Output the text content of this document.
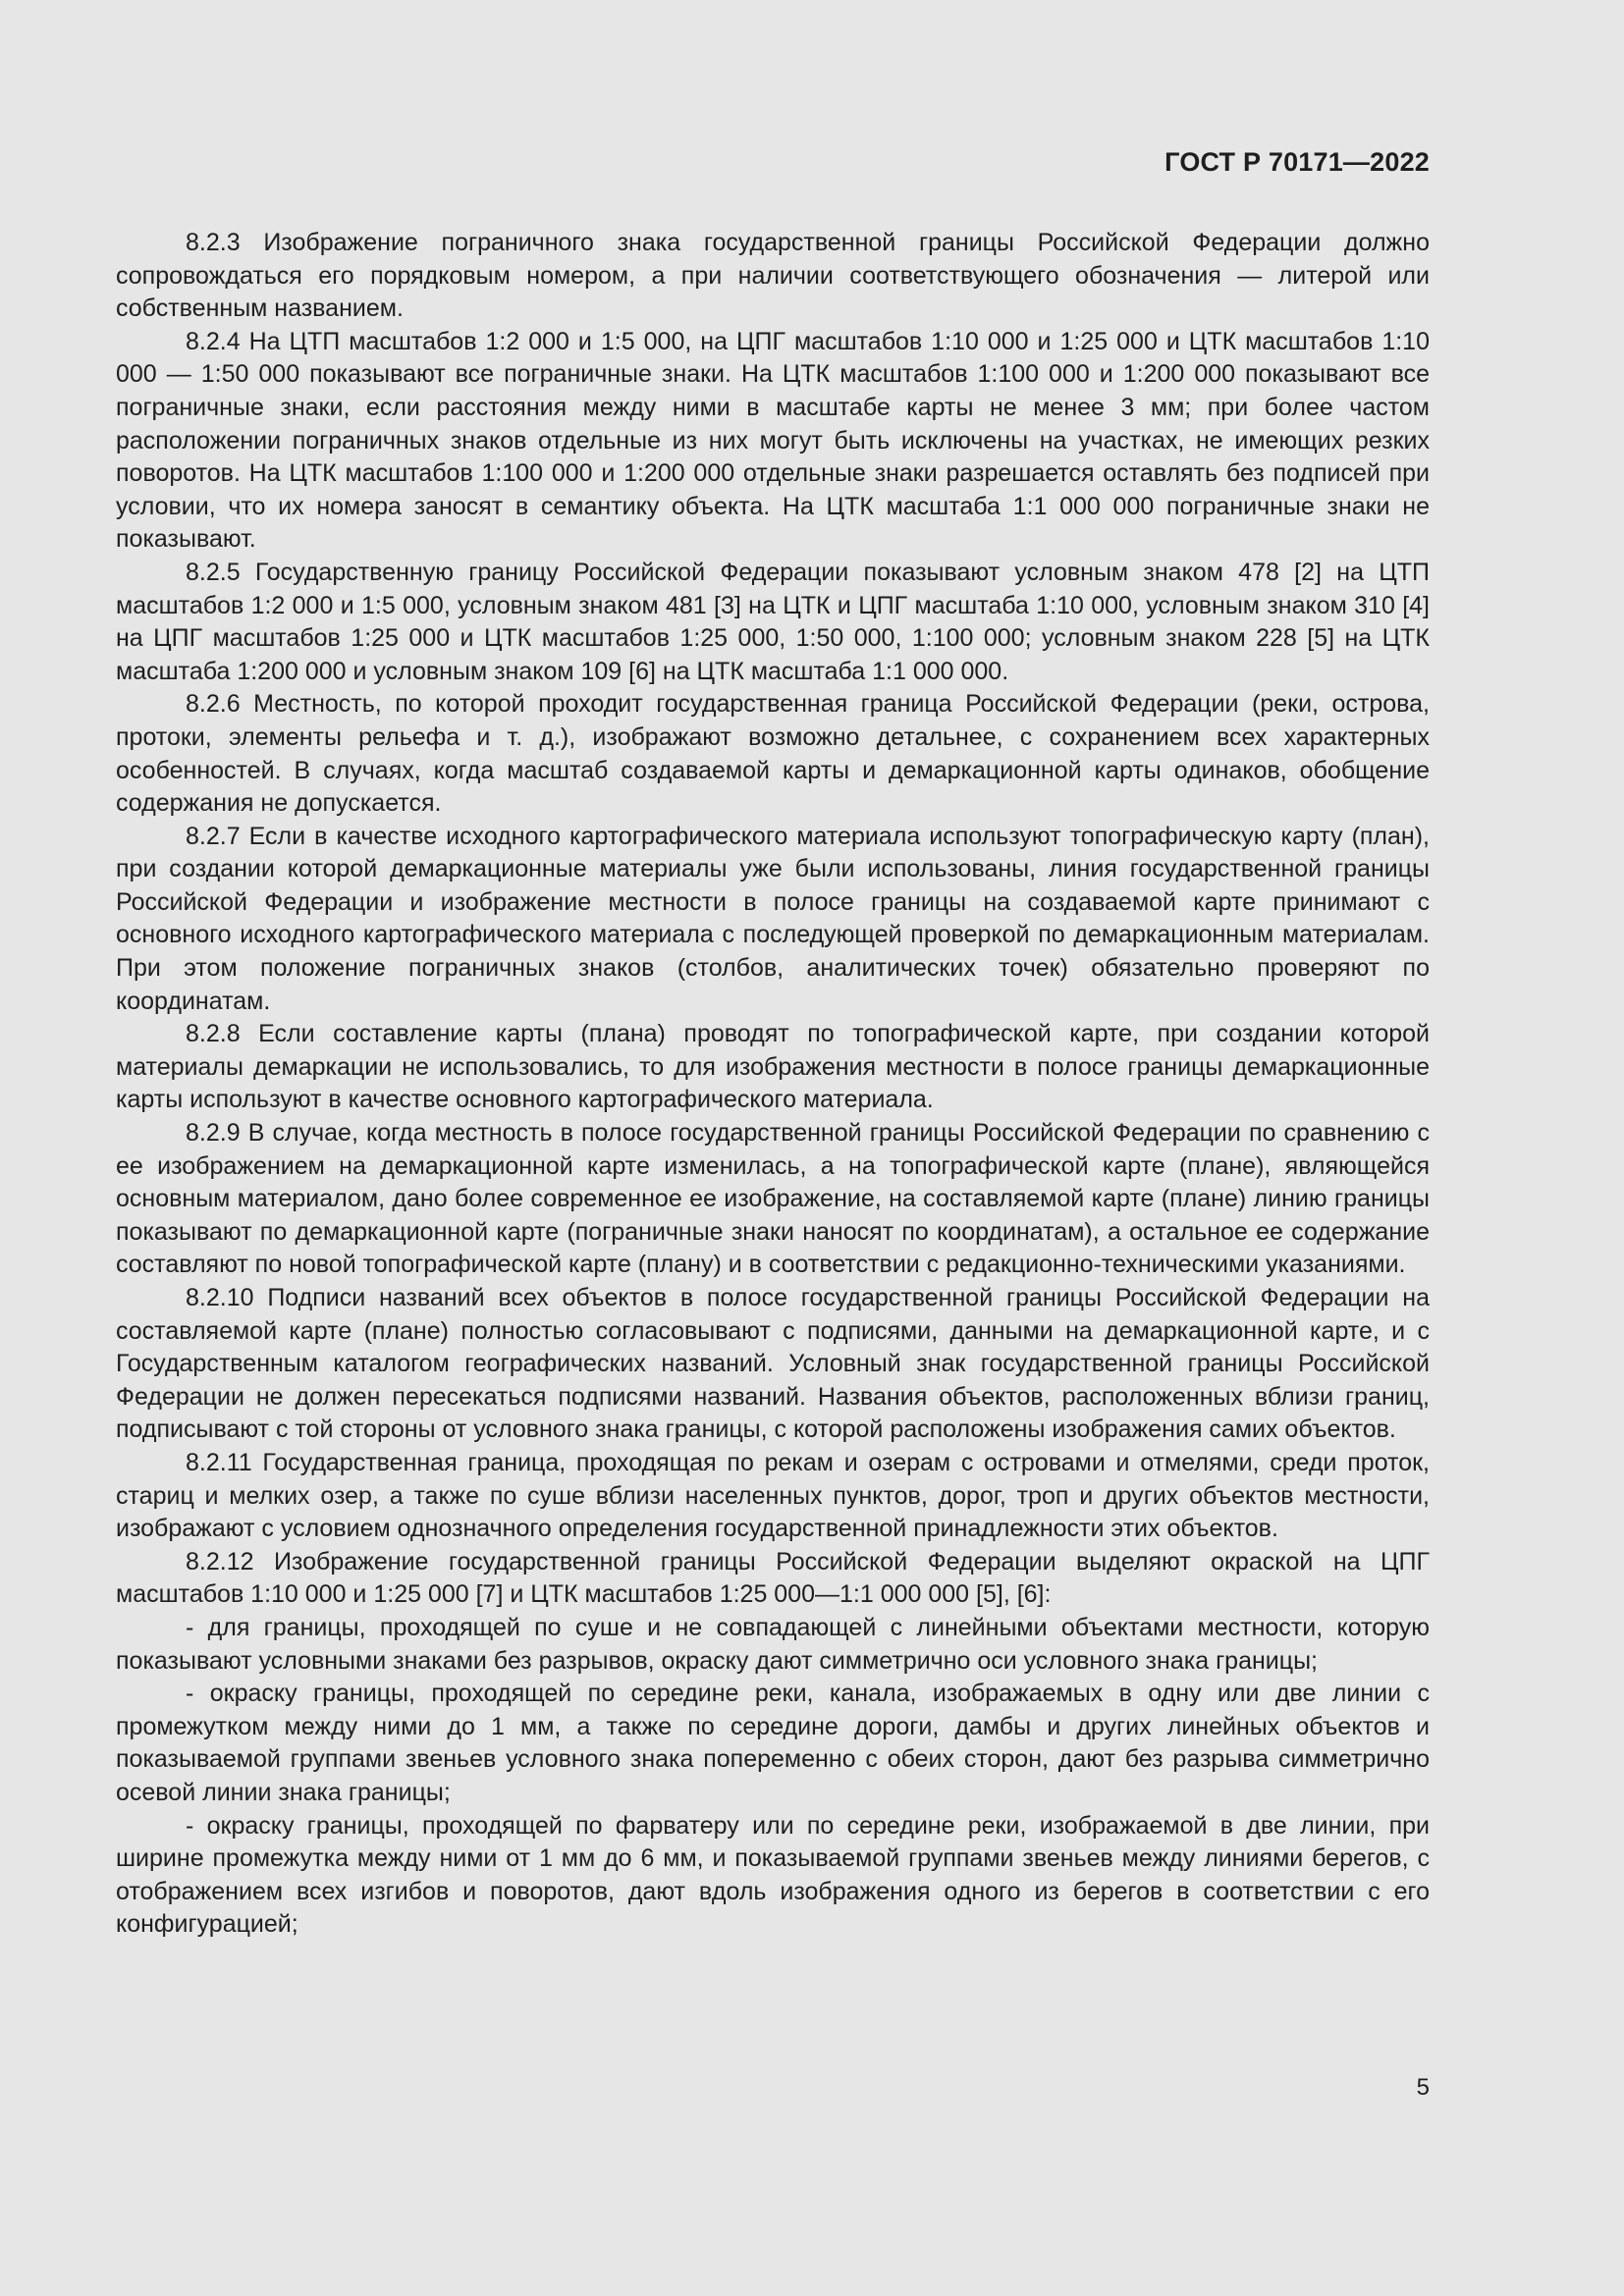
ГОСТ Р 70171—2022

8.2.3 Изображение пограничного знака государственной границы Российской Федерации должно сопровождаться его порядковым номером, а при наличии соответствующего обозначения — литерой или собственным названием.

8.2.4 На ЦТП масштабов 1:2 000 и 1:5 000, на ЦПГ масштабов 1:10 000 и 1:25 000 и ЦТК масштабов 1:10 000 — 1:50 000 показывают все пограничные знаки. На ЦТК масштабов 1:100 000 и 1:200 000 показывают все пограничные знаки, если расстояния между ними в масштабе карты не менее 3 мм; при более частом расположении пограничных знаков отдельные из них могут быть исключены на участках, не имеющих резких поворотов. На ЦТК масштабов 1:100 000 и 1:200 000 отдельные знаки разрешается оставлять без подписей при условии, что их номера заносят в семантику объекта. На ЦТК масштаба 1:1 000 000 пограничные знаки не показывают.

8.2.5 Государственную границу Российской Федерации показывают условным знаком 478 [2] на ЦТП масштабов 1:2 000 и 1:5 000, условным знаком 481 [3] на ЦТК и ЦПГ масштаба 1:10 000, условным знаком 310 [4] на ЦПГ масштабов 1:25 000 и ЦТК масштабов 1:25 000, 1:50 000, 1:100 000; условным знаком 228 [5] на ЦТК масштаба 1:200 000 и условным знаком 109 [6] на ЦТК масштаба 1:1 000 000.

8.2.6 Местность, по которой проходит государственная граница Российской Федерации (реки, острова, протоки, элементы рельефа и т. д.), изображают возможно детальнее, с сохранением всех характерных особенностей. В случаях, когда масштаб создаваемой карты и демаркационной карты одинаков, обобщение содержания не допускается.

8.2.7 Если в качестве исходного картографического материала используют топографическую карту (план), при создании которой демаркационные материалы уже были использованы, линия государственной границы Российской Федерации и изображение местности в полосе границы на создаваемой карте принимают с основного исходного картографического материала с последующей проверкой по демаркационным материалам. При этом положение пограничных знаков (столбов, аналитических точек) обязательно проверяют по координатам.

8.2.8 Если составление карты (плана) проводят по топографической карте, при создании которой материалы демаркации не использовались, то для изображения местности в полосе границы демаркационные карты используют в качестве основного картографического материала.

8.2.9 В случае, когда местность в полосе государственной границы Российской Федерации по сравнению с ее изображением на демаркационной карте изменилась, а на топографической карте (плане), являющейся основным материалом, дано более современное ее изображение, на составляемой карте (плане) линию границы показывают по демаркационной карте (пограничные знаки наносят по координатам), а остальное ее содержание составляют по новой топографической карте (плану) и в соответствии с редакционно-техническими указаниями.

8.2.10 Подписи названий всех объектов в полосе государственной границы Российской Федерации на составляемой карте (плане) полностью согласовывают с подписями, данными на демаркационной карте, и с Государственным каталогом географических названий. Условный знак государственной границы Российской Федерации не должен пересекаться подписями названий. Названия объектов, расположенных вблизи границ, подписывают с той стороны от условного знака границы, с которой расположены изображения самих объектов.

8.2.11 Государственная граница, проходящая по рекам и озерам с островами и отмелями, среди проток, стариц и мелких озер, а также по суше вблизи населенных пунктов, дорог, троп и других объектов местности, изображают с условием однозначного определения государственной принадлежности этих объектов.

8.2.12 Изображение государственной границы Российской Федерации выделяют окраской на ЦПГ масштабов 1:10 000 и 1:25 000 [7] и ЦТК масштабов 1:25 000—1:1 000 000 [5], [6]:

- для границы, проходящей по суше и не совпадающей с линейными объектами местности, которую показывают условными знаками без разрывов, окраску дают симметрично оси условного знака границы;

- окраску границы, проходящей по середине реки, канала, изображаемых в одну или две линии с промежутком между ними до 1 мм, а также по середине дороги, дамбы и других линейных объектов и показываемой группами звеньев условного знака попеременно с обеих сторон, дают без разрыва симметрично осевой линии знака границы;

- окраску границы, проходящей по фарватеру или по середине реки, изображаемой в две линии, при ширине промежутка между ними от 1 мм до 6 мм, и показываемой группами звеньев между линиями берегов, с отображением всех изгибов и поворотов, дают вдоль изображения одного из берегов в соответствии с его конфигурацией;

5
